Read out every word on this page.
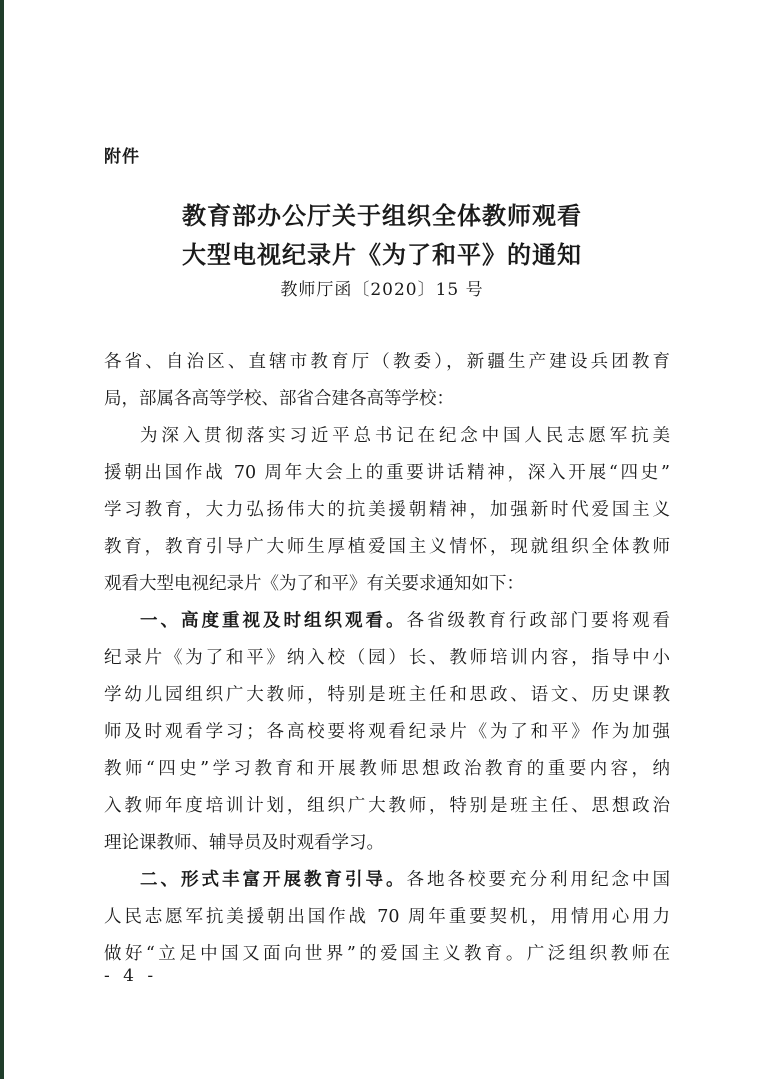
附件
教育部办公厅关于组织全体教师观看
大型电视纪录片《为了和平》的通知
教师厅函〔2020〕15 号
各省、自治区、直辖市教育厅（教委），新疆生产建设兵团教育
局，部属各高等学校、部省合建各高等学校：
为深入贯彻落实习近平总书记在纪念中国人民志愿军抗美
援朝出国作战 70 周年大会上的重要讲话精神，深入开展“四史”
学习教育，大力弘扬伟大的抗美援朝精神，加强新时代爱国主义
教育，教育引导广大师生厚植爱国主义情怀，现就组织全体教师
观看大型电视纪录片《为了和平》有关要求通知如下：
一、高度重视及时组织观看。各省级教育行政部门要将观看
纪录片《为了和平》纳入校（园）长、教师培训内容，指导中小
学幼儿园组织广大教师，特别是班主任和思政、语文、历史课教
师及时观看学习；各高校要将观看纪录片《为了和平》作为加强
教师“四史”学习教育和开展教师思想政治教育的重要内容，纳
入教师年度培训计划，组织广大教师，特别是班主任、思想政治
理论课教师、辅导员及时观看学习。
二、形式丰富开展教育引导。各地各校要充分利用纪念中国
人民志愿军抗美援朝出国作战 70 周年重要契机，用情用心用力
做好“立足中国又面向世界”的爱国主义教育。广泛组织教师在
- 4 -
